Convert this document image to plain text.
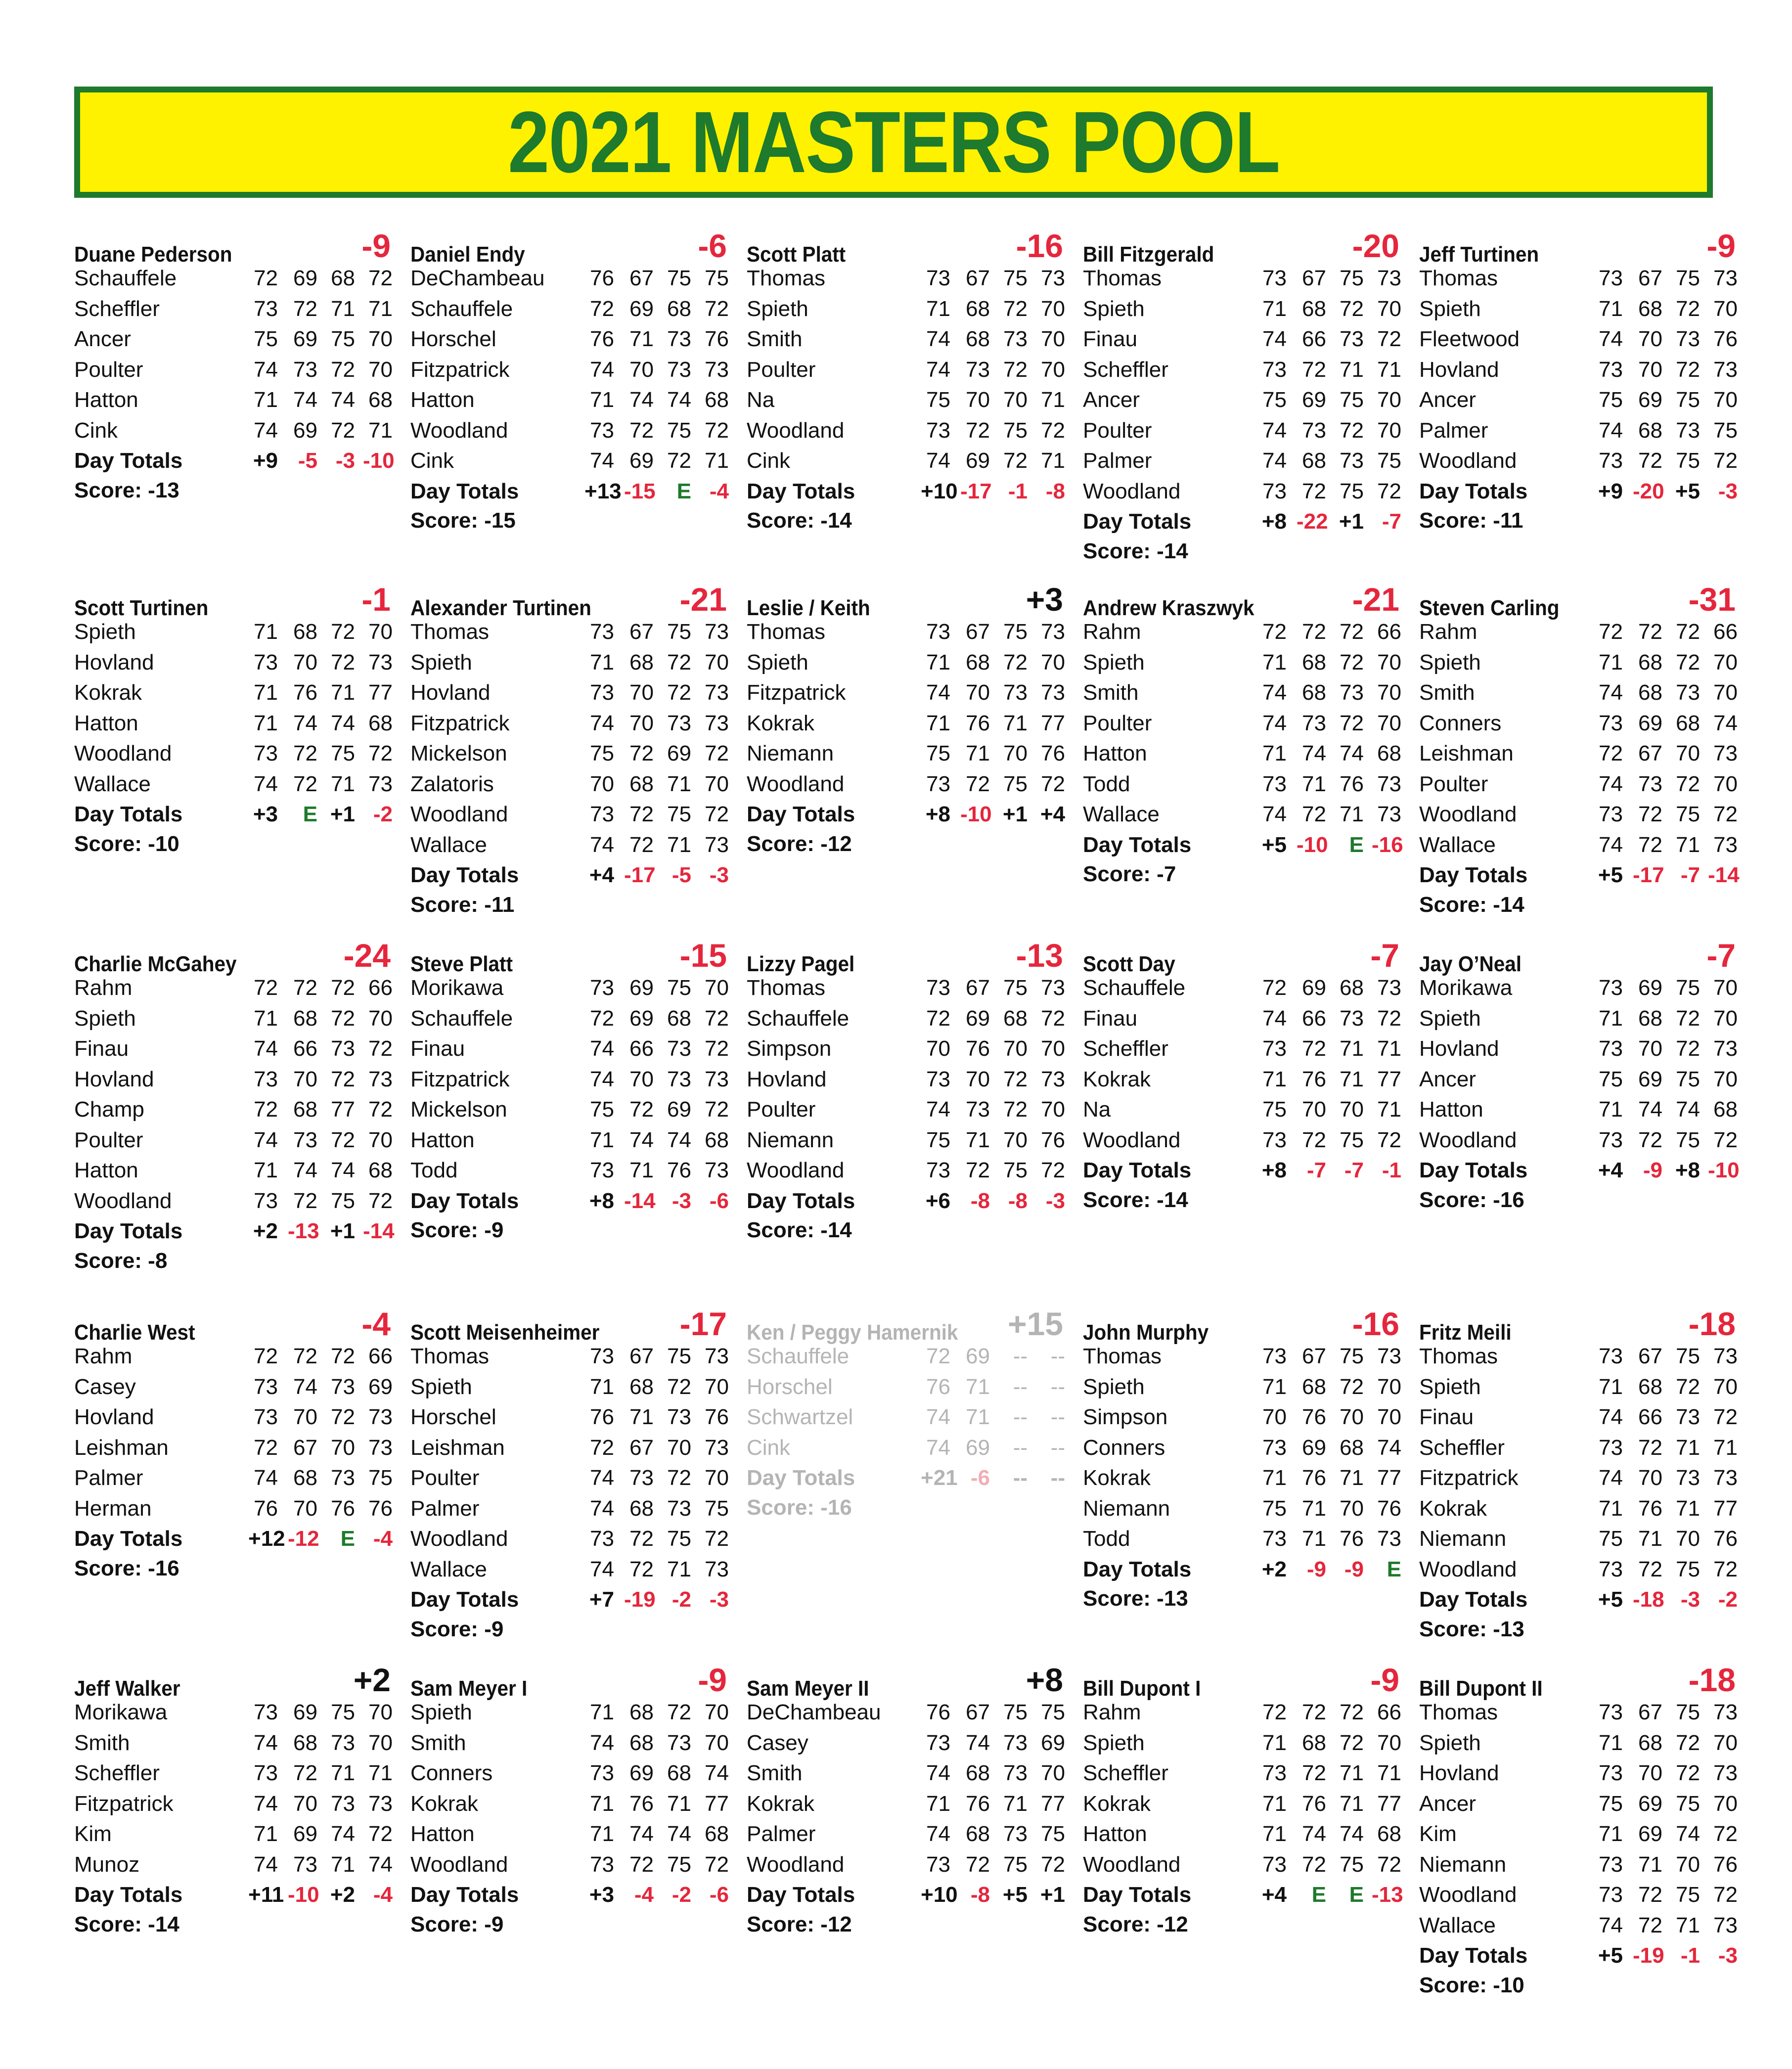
2021 MASTERS POOL
Duane Pederson	-9
Schauffele	72 69 68 72
Scheffler	73 72 71 71
Ancer	75 69 75 70
Poulter	74 73 72 70
Hatton	71 74 74 68
Cink	74 69 72 71
Day Totals	+9 -5 -3 -10
Score: -13
Daniel Endy	-6
DeChambeau 76 67 75 75
Schauffele	72 69 68 72
Horschel	76 71 73 76
Fitzpatrick	74 70 73 73
Hatton	71 74 74 68
Woodland	73 72 75 72
Cink	74 69 72 71
Day Totals	+13 -15 E -4
Score: -15
Scott Platt	-16
Thomas	73 67 75 73
Spieth	71 68 72 70
Smith	74 68 73 70
Poulter	74 73 72 70
Na	75 70 70 71
Woodland	73 72 75 72
Cink	74 69 72 71
Day Totals	+10 -17 -1 -8
Score: -14
Bill Fitzgerald	-20
Thomas	73 67 75 73
Spieth	71 68 72 70
Finau	74 66 73 72
Scheffler	73 72 71 71
Ancer	75 69 75 70
Poulter	74 73 72 70
Palmer	74 68 73 75
Woodland	73 72 75 72
Day Totals	+8 -22 +1 -7
Score: -14
Jeff Turtinen	-9
Thomas	73 67 75 73
Spieth	71 68 72 70
Fleetwood	74 70 73 76
Hovland	73 70 72 73
Ancer	75 69 75 70
Palmer	74 68 73 75
Woodland	73 72 75 72
Day Totals	+9 -20 +5 -3
Score: -11
Scott Turtinen	-1
Spieth	71 68 72 70
Hovland	73 70 72 73
Kokrak	71 76 71 77
Hatton	71 74 74 68
Woodland	73 72 75 72
Wallace	74 72 71 73
Day Totals	+3	E +1 -2
Score: -10
Alexander Turtinen	-21
Thomas	73 67 75 73
Spieth	71 68 72 70
Hovland	73 70 72 73
Fitzpatrick	74 70 73 73
Mickelson	75 72 69 72
Zalatoris	70 68 71 70
Woodland	73 72 75 72
Wallace	74 72 71 73
Day Totals	+4 -17 -5 -3
Score: -11
Leslie / Keith	+3
Thomas	73 67 75 73
Spieth	71 68 72 70
Fitzpatrick	74 70 73 73
Kokrak	71 76 71 77
Niemann	75 71 70 76
Woodland	73 72 75 72
Day Totals	+8 -10 +1 +4
Score: -12
Andrew Kraszwyk	-21
Rahm	72 72 72 66
Spieth	71 68 72 70
Smith	74 68 73 70
Poulter	74 73 72 70
Hatton	71 74 74 68
Todd	73 71 76 73
Wallace	74 72 71 73
Day Totals	+5 -10 E -16
Score: -7
Steven Carling	-31
Rahm	72 72 72 66
Spieth	71 68 72 70
Smith	74 68 73 70
Conners	73 69 68 74
Leishman	72 67 70 73
Poulter	74 73 72 70
Woodland	73 72 75 72
Wallace	74 72 71 73
Day Totals	+5 -17 -7 -14
Score: -14
Charlie McGahey	-24
Rahm	72 72 72 66
Spieth	71 68 72 70
Finau	74 66 73 72
Hovland	73 70 72 73
Champ	72 68 77 72
Poulter	74 73 72 70
Hatton	71 74 74 68
Woodland	73 72 75 72
Day Totals	+2 -13 +1 -14
Score: -8
Steve Platt	-15
Morikawa	73 69 75 70
Schauffele	72 69 68 72
Finau	74 66 73 72
Fitzpatrick	74 70 73 73
Mickelson	75 72 69 72
Hatton	71 74 74 68
Todd	73 71 76 73
Day Totals	+8 -14 -3 -6
Score: -9
Lizzy Pagel	-13
Thomas	73 67 75 73
Schauffele	72 69 68 72
Simpson	70 76 70 70
Hovland	73 70 72 73
Poulter	74 73 72 70
Niemann	75 71 70 76
Woodland	73 72 75 72
Day Totals	+6 -8 -8 -3
Score: -14
Scott Day	-7
Schauffele	72 69 68 73
Finau	74 66 73 72
Scheffler	73 72 71 71
Kokrak	71 76 71 77
Na	75 70 70 71
Woodland	73 72 75 72
Day Totals	+8 -7 -7 -1
Score: -14
Jay O’Neal	-7
Morikawa	73 69 75 70
Spieth	71 68 72 70
Hovland	73 70 72 73
Ancer	75 69 75 70
Hatton	71 74 74 68
Woodland	73 72 75 72
Day Totals	+4 -9 +8 -10
Score: -16
Charlie West	-4
Rahm	72 72 72 66
Casey	73 74 73 69
Hovland	73 70 72 73
Leishman	72 67 70 73
Palmer	74 68 73 75
Herman	76 70 76 76
Day Totals	+12 -12 E -4
Score: -16
Scott Meisenheimer -17
Thomas	73 67 75 73
Spieth	71 68 72 70
Horschel	76 71 73 76
Leishman	72 67 70 73
Poulter	74 73 72 70
Palmer	74 68 73 75
Woodland	73 72 75 72
Wallace	74 72 71 73
Day Totals	+7 -19 -2 -3
Score: -9
Ken / Peggy Hamernik +15
Schauffele	72 69	--	--
Horschel	76 71	--	--
Schwartzel	74 71	--	--
Cink	74 69	--	--
Day Totals	+21 -6	--	--
Score: -16
John Murphy	-16
Thomas	73 67 75 73
Spieth	71 68 72 70
Simpson	70 76 70 70
Conners	73 69 68 74
Kokrak	71 76 71 77
Niemann	75 71 70 76
Todd	73 71 76 73
Day Totals	+2 -9 -9	E
Score: -13
Fritz Meili	-18
Thomas	73 67 75 73
Spieth	71 68 72 70
Finau	74 66 73 72
Scheffler	73 72 71 71
Fitzpatrick	74 70 73 73
Kokrak	71 76 71 77
Niemann	75 71 70 76
Woodland	73 72 75 72
Day Totals	+5 -18 -3 -2
Score: -13
Jeff Walker	+2
Morikawa	73 69 75 70
Smith	74 68 73 70
Scheffler	73 72 71 71
Fitzpatrick	74 70 73 73
Kim	71 69 74 72
Munoz	74 73 71 74
Day Totals	+11 -10 +2 -4
Score: -14
Sam Meyer I	-9
Spieth	71 68 72 70
Smith	74 68 73 70
Conners	73 69 68 74
Kokrak	71 76 71 77
Hatton	71 74 74 68
Woodland	73 72 75 72
Day Totals	+3 -4 -2 -6
Score: -9
Sam Meyer II	+8
DeChambeau 76 67 75 75
Casey	73 74 73 69
Smith	74 68 73 70
Kokrak	71 76 71 77
Palmer	74 68 73 75
Woodland	73 72 75 72
Day Totals	+10 -8 +5 +1
Score: -12
Bill Dupont I	-9
Rahm	72 72 72 66
Spieth	71 68 72 70
Scheffler	73 72 71 71
Kokrak	71 76 71 77
Hatton	71 74 74 68
Woodland	73 72 75 72
Day Totals	+4	E	E -13
Score: -12
Bill Dupont II	-18
Thomas	73 67 75 73
Spieth	71 68 72 70
Hovland	73 70 72 73
Ancer	75 69 75 70
Kim	71 69 74 72
Niemann	73 71 70 76
Woodland	73 72 75 72
Wallace	74 72 71 73
Day Totals	+5 -19 -1 -3
Score: -10
